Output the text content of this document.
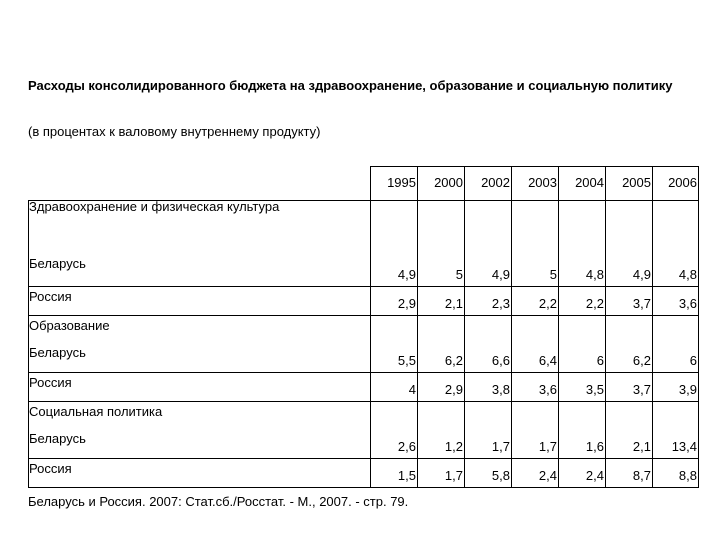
Расходы консолидированного бюджета на здравоохранение, образование и социальную политику
(в процентах к валовому внутреннему продукту)
	1995	2000	2002	2003	2004	2005	2006

Здравоохранение и физическая культура
Беларусь	4,9	5	4,9	5	4,8	4,9	4,8

Россия	2,9	2,1	2,3	2,2	2,2	3,7	3,6

Образование
Беларусь	5,5	6,2	6,6	6,4	6	6,2	6

Россия	4	2,9	3,8	3,6	3,5	3,7	3,9

Социальная политика
Беларусь	2,6	1,2	1,7	1,7	1,6	2,1	13,4

Россия	1,5	1,7	5,8	2,4	2,4	8,7	8,8
Беларусь и Россия. 2007: Стат.сб./Росстат. - М., 2007. - стр. 79.
